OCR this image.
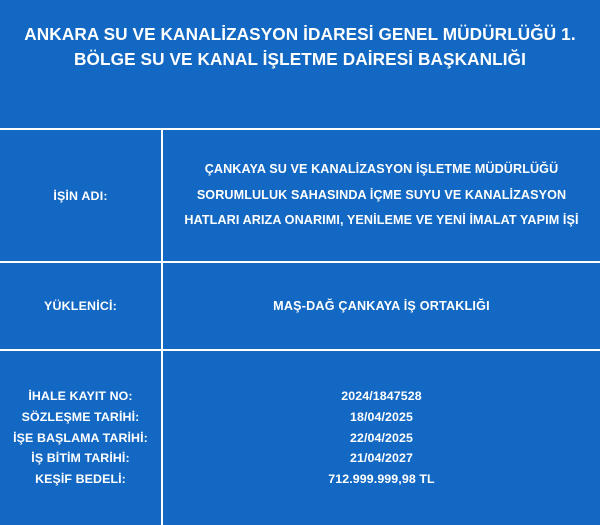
ANKARA SU VE KANALİZASYON İDARESİ GENEL MÜDÜRLÜĞÜ 1. BÖLGE SU VE KANAL İŞLETME DAİRESİ BAŞKANLIĞI
İŞİN ADI:
ÇANKAYA SU VE KANALİZASYON İŞLETME MÜDÜRLÜĞÜ
SORUMLULUK SAHASINDA İÇME SUYU VE KANALİZASYON
HATLARI ARIZA ONARIMI, YENİLEME VE YENİ İMALAT YAPIM İŞİ
YÜKLENİCİ:	MAŞ-DAĞ ÇANKAYA İŞ ORTAKLIĞI
İHALE KAYIT NO:
SÖZLEŞME TARİHİ:
İŞE BAŞLAMA TARİHİ:
İŞ BİTİM TARİHİ:
KEŞİF BEDELİ:
2024/1847528
18/04/2025
22/04/2025
21/04/2027
712.999.999,98 TL
